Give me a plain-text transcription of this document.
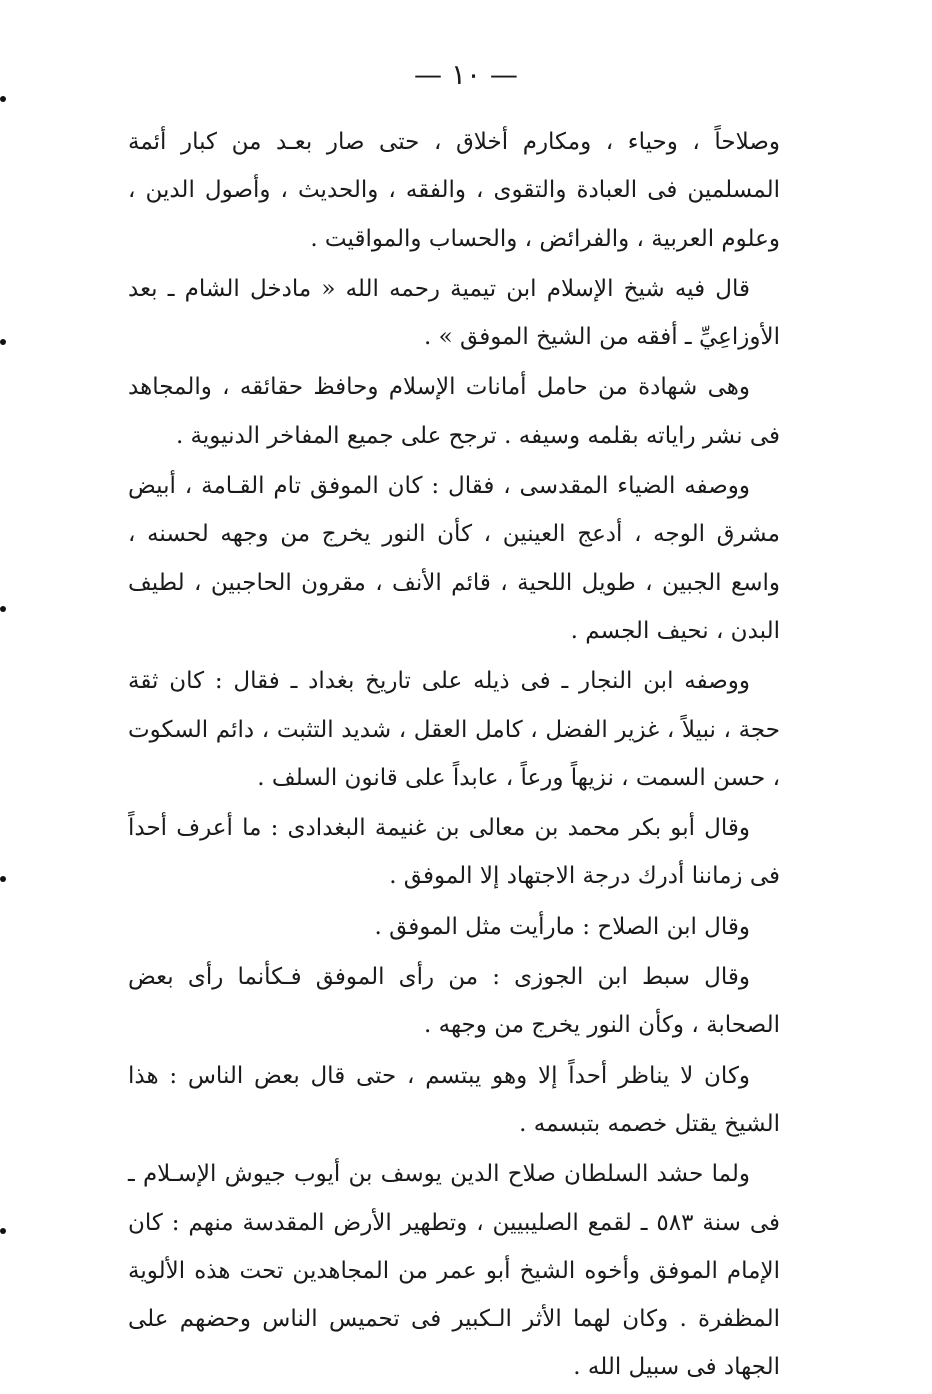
— ١٠ —

وصلاحاً ، وحياء ، ومكارم أخلاق ، حتى صار بعـد من كبار أئمة المسلمين فى العبادة والتقوى ، والفقه ، والحديث ، وأصول الدين ، وعلوم العربية ، والفرائض ، والحساب والمواقيت .

قال فيه شيخ الإسلام ابن تيمية رحمه الله « مادخل الشام ـ بعد الأوزاعِيِّ ـ أفقه من الشيخ الموفق » .

وهى شهادة من حامل أمانات الإسلام وحافظ حقائقه ، والمجاهد فى نشر راياته بقلمه وسيفه . ترجح على جميع المفاخر الدنيوية .

ووصفه الضياء المقدسى ، فقال : كان الموفق تام القـامة ، أبيض مشرق الوجه ، أدعج العينين ، كأن النور يخرج من وجهه لحسنه ، واسع الجبين ، طويل اللحية ، قائم الأنف ، مقرون الحاجبين ، لطيف البدن ، نحيف الجسم .

ووصفه ابن النجار ـ فى ذيله على تاريخ بغداد ـ فقال : كان ثقة حجة ، نبيلاً ، غزير الفضل ، كامل العقل ، شديد التثبت ، دائم السكوت ، حسن السمت ، نزيهاً ورعاً ، عابداً على قانون السلف .

وقال أبو بكر محمد بن معالى بن غنيمة البغدادى : ما أعرف أحداً فى زماننا أدرك درجة الاجتهاد إلا الموفق .

وقال ابن الصلاح : مارأيت مثل الموفق .

وقال سبط ابن الجوزى : من رأى الموفق فـكأنما رأى بعض الصحابة ، وكأن النور يخرج من وجهه .

وكان لا يناظر أحداً إلا وهو يبتسم ، حتى قال بعض الناس : هذا الشيخ يقتل خصمه بتبسمه .

ولما حشد السلطان صلاح الدين يوسف بن أيوب جيوش الإسـلام ـ فى سنة ٥٨٣ ـ لقمع الصليبيين ، وتطهير الأرض المقدسة منهم : كان الإمام الموفق وأخوه الشيخ أبو عمر من المجاهدين تحت هذه الألوية المظفرة . وكان لهما الأثر الـكبير فى تحميس الناس وحضهم على الجهاد فى سبيل الله .
